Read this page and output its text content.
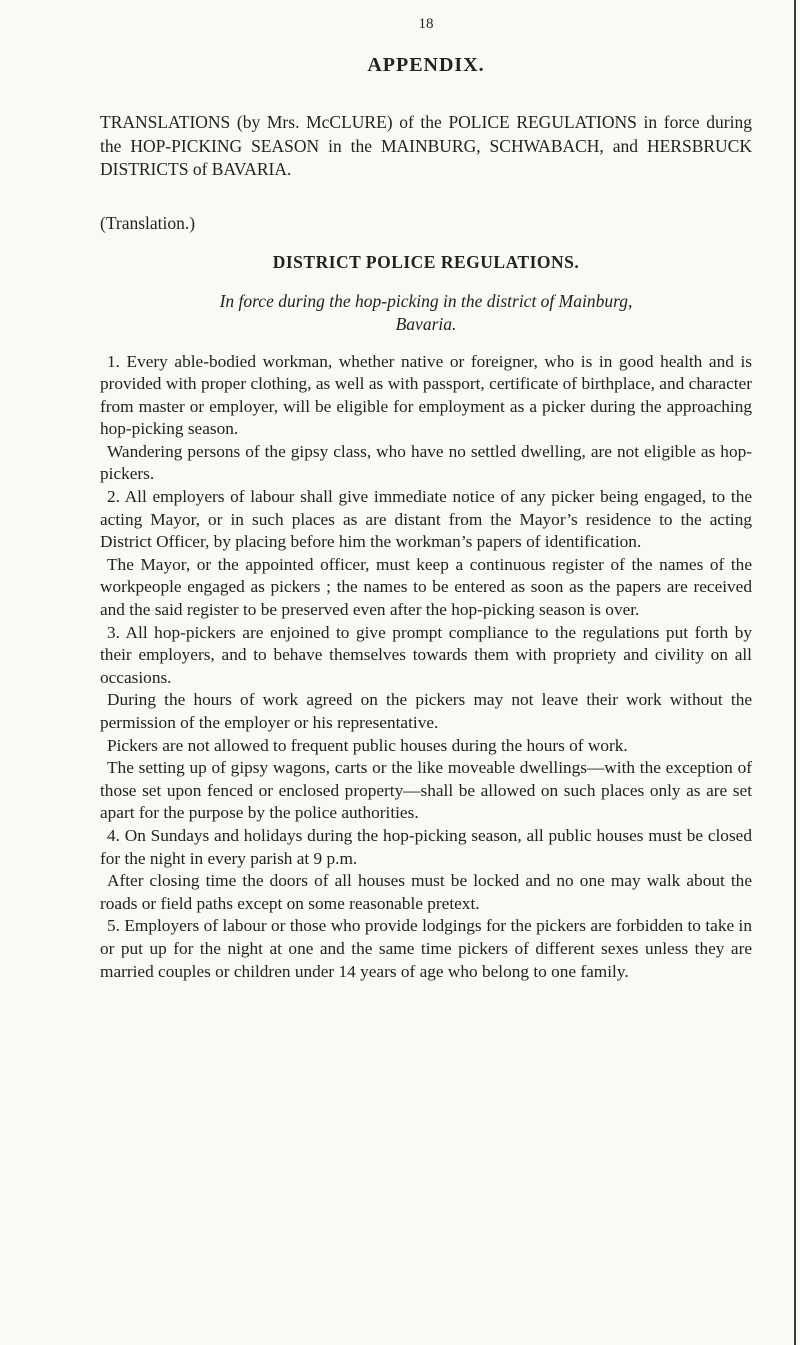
18

APPENDIX.

TRANSLATIONS (by Mrs. McCLURE) of the POLICE REGULATIONS in force during the HOP-PICKING SEASON in the MAINBURG, SCHWABACH, and HERSBRUCK DISTRICTS of BAVARIA.

(Translation.)

DISTRICT POLICE REGULATIONS.
In force during the hop-picking in the district of Mainburg,
Bavaria.

1. Every able-bodied workman, whether native or foreigner, who is in good health and is provided with proper clothing, as well as with passport, certificate of birthplace, and character from master or employer, will be eligible for employment as a picker during the approaching hop-picking season.

Wandering persons of the gipsy class, who have no settled dwelling, are not eligible as hop-pickers.

2. All employers of labour shall give immediate notice of any picker being engaged, to the acting Mayor, or in such places as are distant from the Mayor’s residence to the acting District Officer, by placing before him the workman’s papers of identification.

The Mayor, or the appointed officer, must keep a continuous register of the names of the workpeople engaged as pickers ; the names to be entered as soon as the papers are received and the said register to be preserved even after the hop-picking season is over.

3. All hop-pickers are enjoined to give prompt compliance to the regulations put forth by their employers, and to behave themselves towards them with propriety and civility on all occasions.

During the hours of work agreed on the pickers may not leave their work without the permission of the employer or his representative.

Pickers are not allowed to frequent public houses during the hours of work.

The setting up of gipsy wagons, carts or the like moveable dwellings—with the exception of those set upon fenced or enclosed property—shall be allowed on such places only as are set apart for the purpose by the police authorities.

4. On Sundays and holidays during the hop-picking season, all public houses must be closed for the night in every parish at 9 p.m.

After closing time the doors of all houses must be locked and no one may walk about the roads or field paths except on some reasonable pretext.

5. Employers of labour or those who provide lodgings for the pickers are forbidden to take in or put up for the night at one and the same time pickers of different sexes unless they are married couples or children under 14 years of age who belong to one family.
